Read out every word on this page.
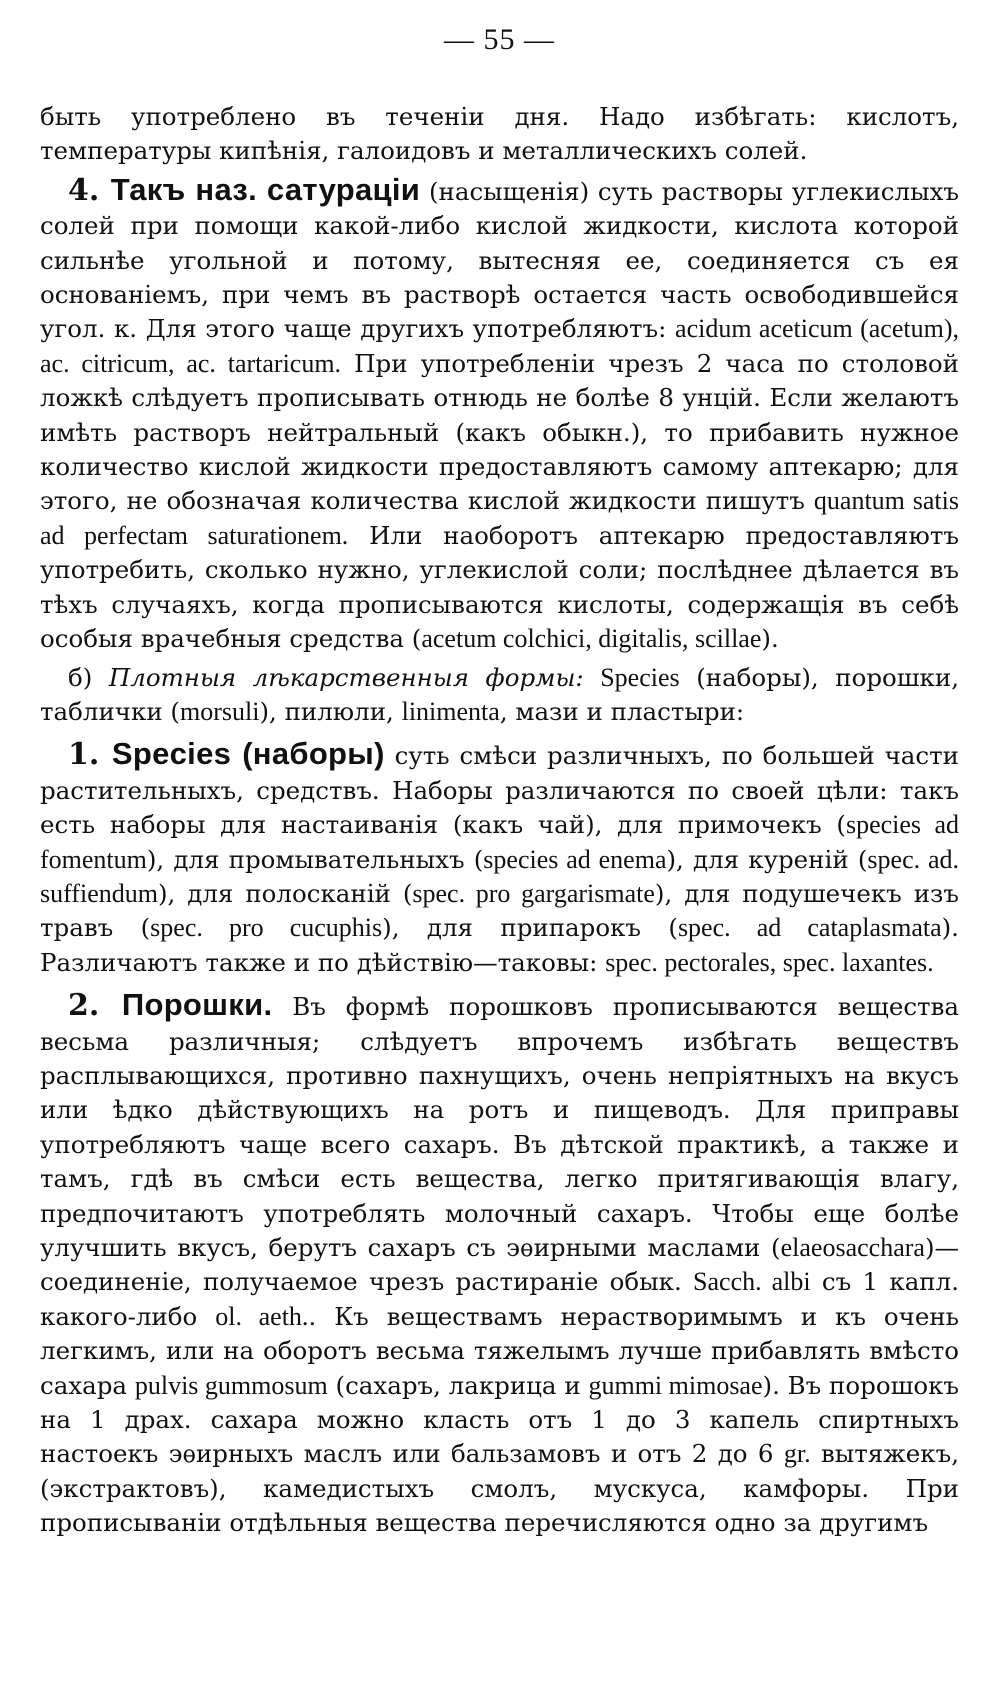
— 55 —

быть употреблено въ теченіи дня. Надо избѣгать: кислотъ, температуры кипѣнія, галоидовъ и металлическихъ солей.

4. Такъ наз. сатураціи (насыщенія) суть растворы углекислыхъ солей при помощи какой-либо кислой жидкости, кислота которой сильнѣе угольной и потому, вытесняя ее, соединяется съ ея основаніемъ, при чемъ въ растворѣ остается часть освободившейся угол. к. Для этого чаще другихъ употребляютъ: acidum aceticum (acetum), ac. citricum, ac. tartaricum. При употребленіи чрезъ 2 часа по столовой ложкѣ слѣдуетъ прописывать отнюдь не болѣе 8 унцій. Если желаютъ имѣть растворъ нейтральный (какъ обыкн.), то прибавить нужное количество кислой жидкости предоставляютъ самому аптекарю; для этого, не обозначая количества кислой жидкости пишутъ quantum satis ad perfectam saturationem. Или наоборотъ аптекарю предоставляютъ употребить, сколько нужно, углекислой соли; послѣднее дѣлается въ тѣхъ случаяхъ, когда прописываются кислоты, содержащія въ себѣ особыя врачебныя средства (acetum colchici, digitalis, scillae).

б) Плотныя лѣкарственныя формы: Species (наборы), порошки, таблички (morsuli), пилюли, linimenta, мази и пластыри:

1. Species (наборы) суть смѣси различныхъ, по большей части растительныхъ, средствъ. Наборы различаются по своей цѣли: такъ есть наборы для настаиванія (какъ чай), для примочекъ (species ad fomentum), для промывательныхъ (species ad enema), для куреній (spec. ad. suffiendum), для полосканій (spec. pro gargarismate), для подушечекъ изъ травъ (spec. pro cucuphis), для припарокъ (spec. ad cataplasmata). Различаютъ также и по дѣйствію—таковы: spec. pectorales, spec. laxantes.

2. Порошки. Въ формѣ порошковъ прописываются вещества весьма различныя; слѣдуетъ впрочемъ избѣгать веществъ расплывающихся, противно пахнущихъ, очень непріятныхъ на вкусъ или ѣдко дѣйствующихъ на ротъ и пищеводъ. Для приправы употребляютъ чаще всего сахаръ. Въ дѣтской практикѣ, а также и тамъ, гдѣ въ смѣси есть вещества, легко притягивающія влагу, предпочитаютъ употреблять молочный сахаръ. Чтобы еще болѣе улучшить вкусъ, берутъ сахаръ съ эѳирными маслами (elaeosacchara)—соединеніе, получаемое чрезъ растираніе обык. Sacch. albi съ 1 капл. какого-либо ol. aeth.. Къ веществамъ нерастворимымъ и къ очень легкимъ, или на оборотъ весьма тяжелымъ лучше прибавлять вмѣсто сахара pulvis gummosum (сахаръ, лакрица и gummi mimosae). Въ порошокъ на 1 драх. сахара можно класть отъ 1 до 3 капель спиртныхъ настоекъ эѳирныхъ маслъ или бальзамовъ и отъ 2 до 6 gr. вытяжекъ, (экстрактовъ), камедистыхъ смолъ, мускуса, камфоры. При прописываніи отдѣльныя вещества перечисляются одно за другимъ
